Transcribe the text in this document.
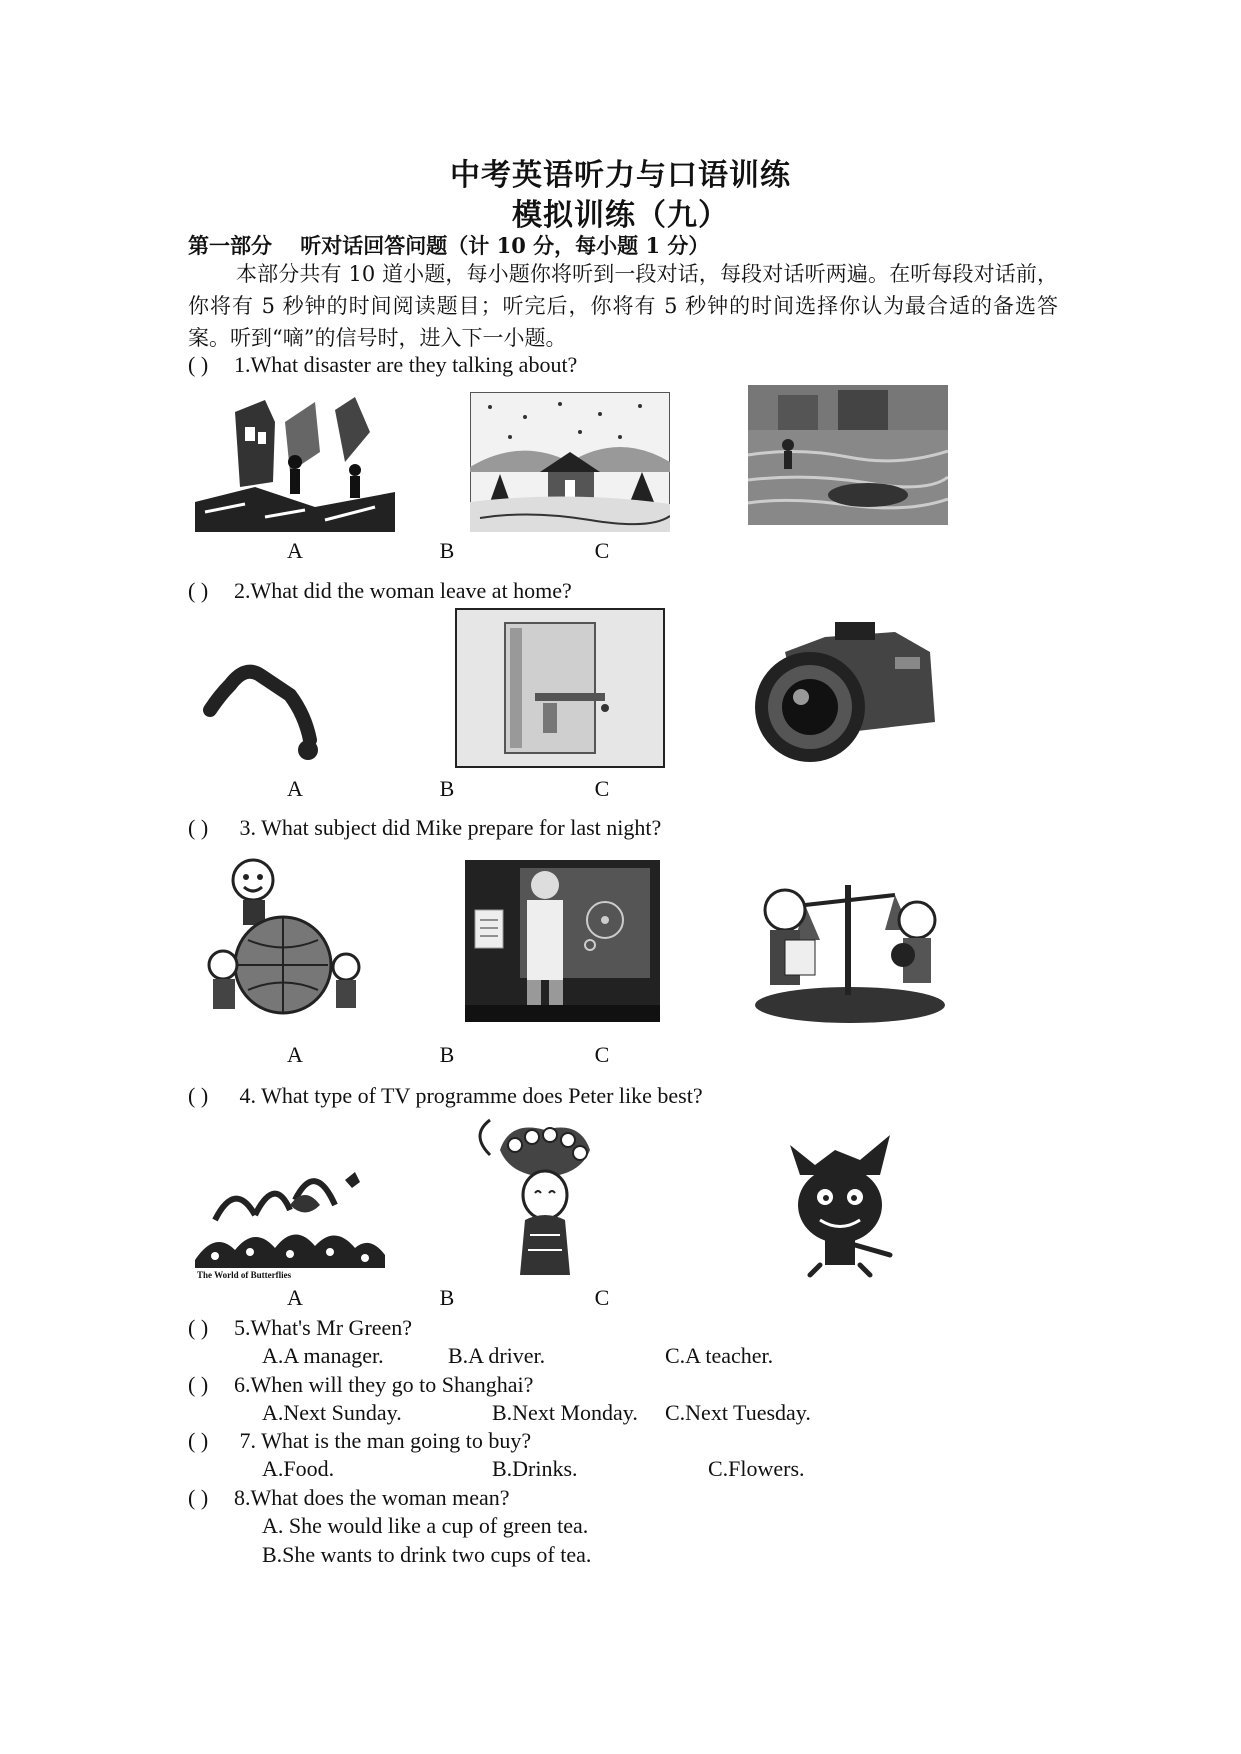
中考英语听力与口语训练
模拟训练（九）
第一部分　 听对话回答问题（计 10 分，每小题 1 分）
本部分共有 10 道小题，每小题你将听到一段对话，每段对话听两遍。在听每段对话前，你将有 5 秒钟的时间阅读题目；听完后，你将有 5 秒钟的时间选择你认为最合适的备选答案。听到“嘀”的信号时，进入下一小题。
( ) 1.What disaster are they talking about?
A	B	C
( ) 2.What did the woman leave at home?
A	B	C
( ) 3. What subject did Mike prepare for last night?
A	B	C
( ) 4. What type of TV programme does Peter like best?
The World of Butterflies
A	B	C
( ) 5.What's Mr Green?
A.A manager.	B.A driver.	C.A teacher.
( ) 6.When will they go to Shanghai?
A.Next Sunday.	B.Next Monday. C.Next Tuesday.
( ) 7. What is the man going to buy?
A.Food.	B.Drinks.	C.Flowers.
( ) 8.What does the woman mean?
A. She would like a cup of green tea.
B.She wants to drink two cups of tea.
